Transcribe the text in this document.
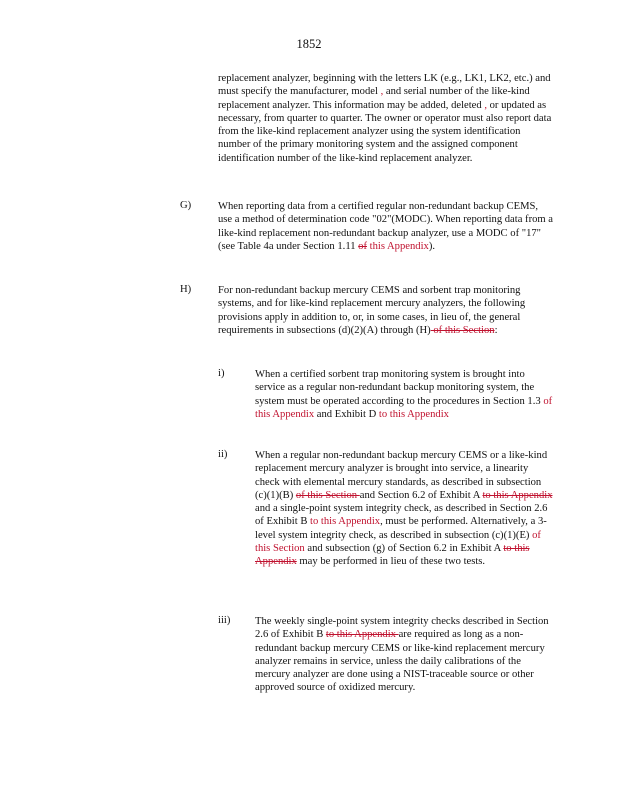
1852
replacement analyzer, beginning with the letters LK (e.g., LK1, LK2, etc.) and must specify the manufacturer, model , and serial number of the like-kind replacement analyzer. This information may be added, deleted , or updated as necessary, from quarter to quarter. The owner or operator must also report data from the like-kind replacement analyzer using the system identification number of the primary monitoring system and the assigned component identification number of the like-kind replacement analyzer.
G)	When reporting data from a certified regular non-redundant backup CEMS, use a method of determination code "02"(MODC). When reporting data from a like-kind replacement non-redundant backup analyzer, use a MODC of "17" (see Table 4a under Section 1.11 of this Appendix).
H)	For non-redundant backup mercury CEMS and sorbent trap monitoring systems, and for like-kind replacement mercury analyzers, the following provisions apply in addition to, or, in some cases, in lieu of, the general requirements in subsections (d)(2)(A) through (H) of this Section:
i)	When a certified sorbent trap monitoring system is brought into service as a regular non-redundant backup monitoring system, the system must be operated according to the procedures in Section 1.3 of this Appendix and Exhibit D to this Appendix
ii)	When a regular non-redundant backup mercury CEMS or a like-kind replacement mercury analyzer is brought into service, a linearity check with elemental mercury standards, as described in subsection (c)(1)(B) of this Section and Section 6.2 of Exhibit A to this Appendix and a single-point system integrity check, as described in Section 2.6 of Exhibit B to this Appendix, must be performed. Alternatively, a 3-level system integrity check, as described in subsection (c)(1)(E) of this Section and subsection (g) of Section 6.2 in Exhibit A to this Appendix may be performed in lieu of these two tests.
iii) The weekly single-point system integrity checks described in Section 2.6 of Exhibit B to this Appendix are required as long as a non-redundant backup mercury CEMS or like-kind replacement mercury analyzer remains in service, unless the daily calibrations of the mercury analyzer are done using a NIST-traceable source or other approved source of oxidized mercury.
